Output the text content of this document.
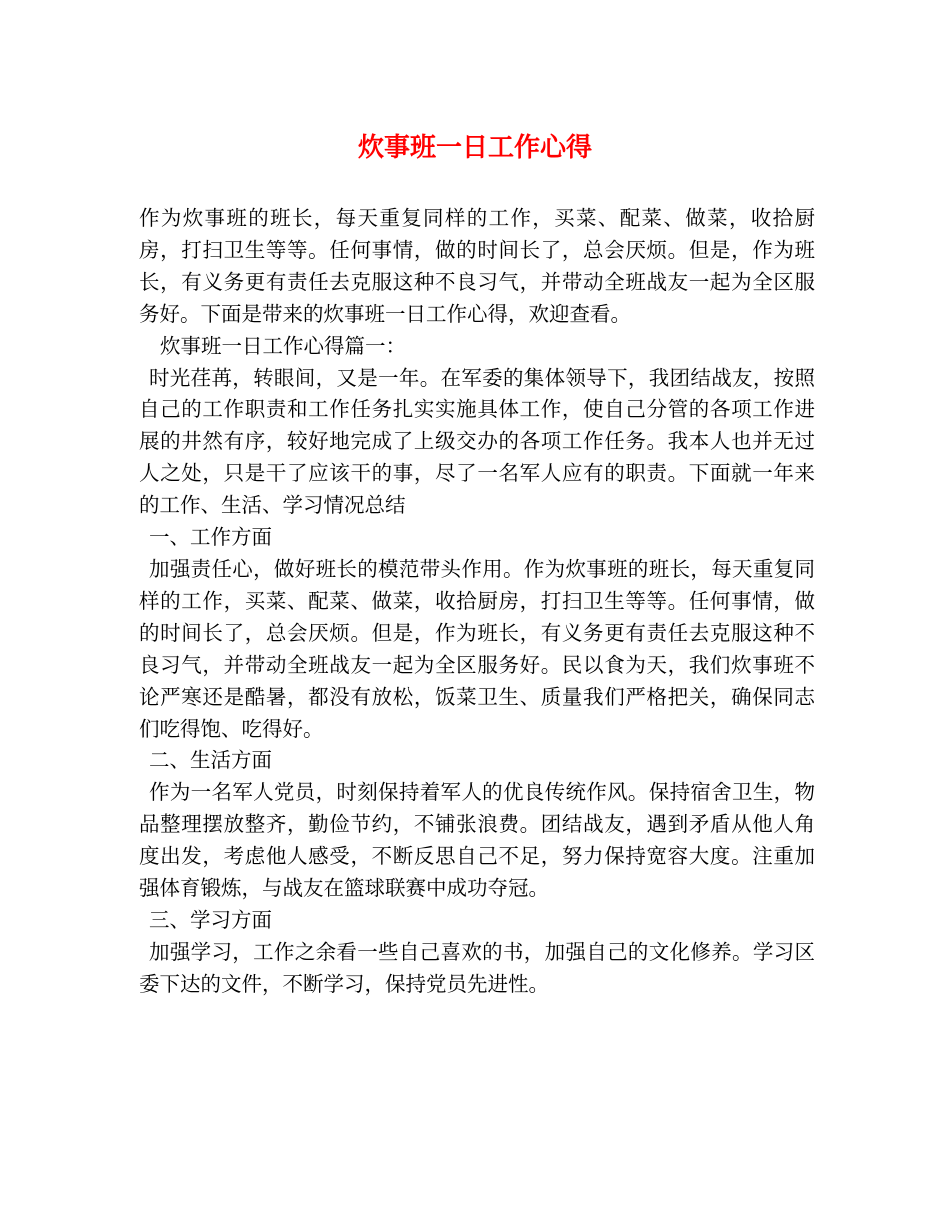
炊事班一日工作心得

作为炊事班的班长，每天重复同样的工作，买菜、配菜、做菜，收拾厨房，打扫卫生等等。任何事情，做的时间长了，总会厌烦。但是，作为班长，有义务更有责任去克服这种不良习气，并带动全班战友一起为全区服务好。下面是带来的炊事班一日工作心得，欢迎查看。

炊事班一日工作心得篇一：

时光荏苒，转眼间，又是一年。在军委的集体领导下，我团结战友，按照自己的工作职责和工作任务扎实实施具体工作，使自己分管的各项工作进展的井然有序，较好地完成了上级交办的各项工作任务。我本人也并无过人之处，只是干了应该干的事，尽了一名军人应有的职责。下面就一年来的工作、生活、学习情况总结

一、工作方面

加强责任心，做好班长的模范带头作用。作为炊事班的班长，每天重复同样的工作，买菜、配菜、做菜，收拾厨房，打扫卫生等等。任何事情，做的时间长了，总会厌烦。但是，作为班长，有义务更有责任去克服这种不良习气，并带动全班战友一起为全区服务好。民以食为天，我们炊事班不论严寒还是酷暑，都没有放松，饭菜卫生、质量我们严格把关，确保同志们吃得饱、吃得好。

二、生活方面

作为一名军人党员，时刻保持着军人的优良传统作风。保持宿舍卫生，物品整理摆放整齐，勤俭节约，不铺张浪费。团结战友，遇到矛盾从他人角度出发，考虑他人感受，不断反思自己不足，努力保持宽容大度。注重加强体育锻炼，与战友在篮球联赛中成功夺冠。

三、学习方面

加强学习，工作之余看一些自己喜欢的书，加强自己的文化修养。学习区委下达的文件，不断学习，保持党员先进性。
